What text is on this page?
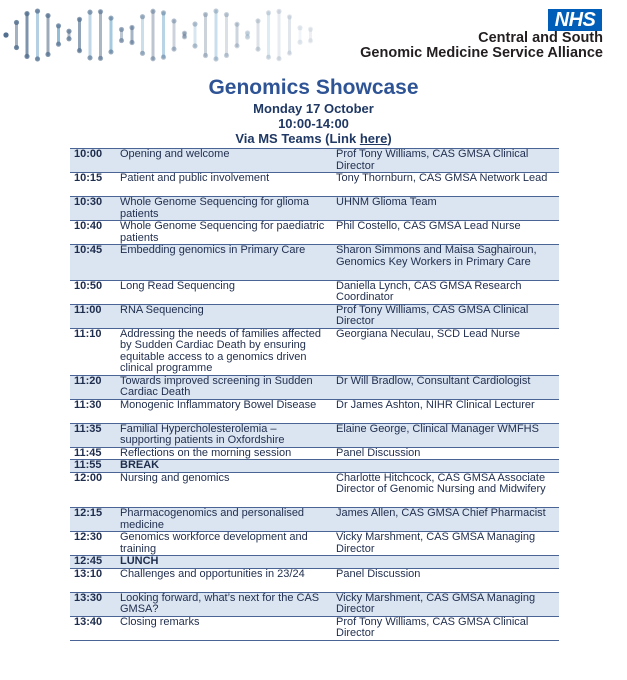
NHS
Central and South
Genomic Medicine Service Alliance
Genomics Showcase
Monday 17 October
10:00-14:00
Via MS Teams (Link here)
10:00	Opening and welcome	Prof Tony Williams, CAS GMSA Clinical Director
10:15	Patient and public involvement	Tony Thornburn, CAS GMSA Network Lead
10:30	Whole Genome Sequencing for glioma patients	UHNM Glioma Team
10:40	Whole Genome Sequencing for paediatric patients	Phil Costello, CAS GMSA Lead Nurse
10:45	Embedding genomics in Primary Care	Sharon Simmons and Maisa Saghairoun, Genomics Key Workers in Primary Care
10:50	Long Read Sequencing	Daniella Lynch, CAS GMSA Research Coordinator
11:00	RNA Sequencing	Prof Tony Williams, CAS GMSA Clinical Director
11:10	Addressing the needs of families affected by Sudden Cardiac Death by ensuring equitable access to a genomics driven clinical programme	Georgiana Neculau, SCD Lead Nurse
11:20	Towards improved screening in Sudden Cardiac Death	Dr Will Bradlow, Consultant Cardiologist
11:30	Monogenic Inflammatory Bowel Disease	Dr James Ashton, NIHR Clinical Lecturer
11:35	Familial Hypercholesterolemia – supporting patients in Oxfordshire	Elaine George, Clinical Manager WMFHS
11:45	Reflections on the morning session	Panel Discussion
11:55	BREAK	
12:00	Nursing and genomics	Charlotte Hitchcock, CAS GMSA Associate Director of Genomic Nursing and Midwifery
12:15	Pharmacogenomics and personalised medicine	James Allen, CAS GMSA Chief Pharmacist
12:30	Genomics workforce development and training	Vicky Marshment, CAS GMSA Managing Director
12:45	LUNCH	
13:10	Challenges and opportunities in 23/24	Panel Discussion
13:30	Looking forward, what’s next for the CAS GMSA?	Vicky Marshment, CAS GMSA Managing Director
13:40	Closing remarks	Prof Tony Williams, CAS GMSA Clinical Director
